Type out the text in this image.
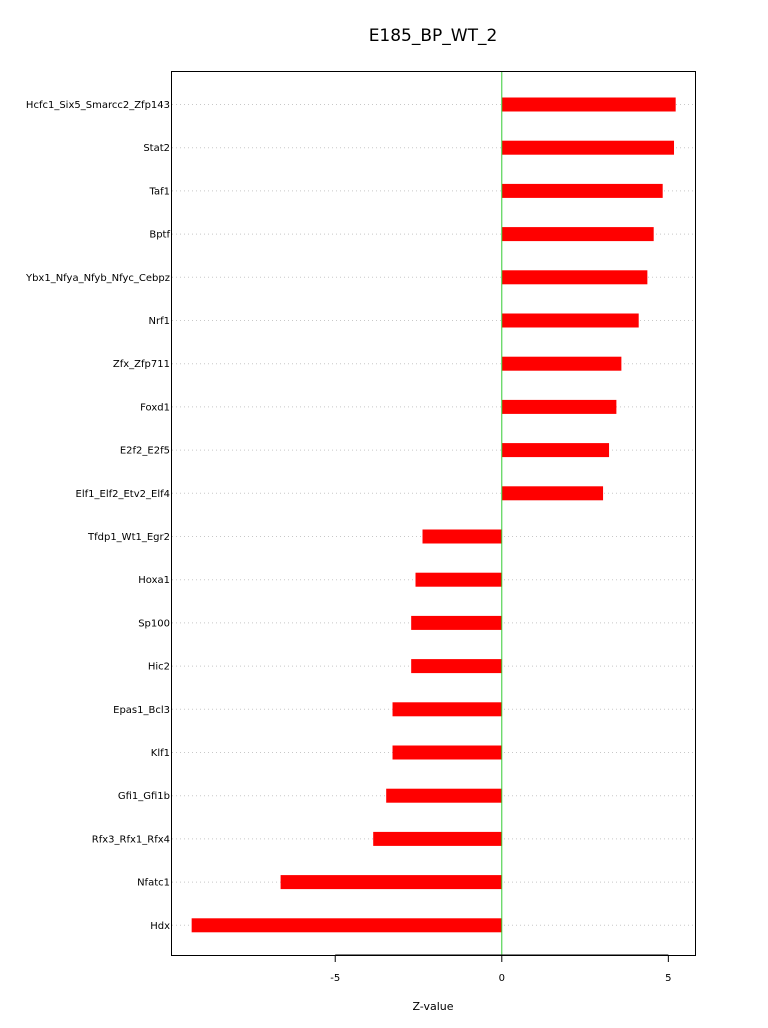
E185_BP_WT_2
Hcfc1_Six5_Smarcc2_Zfp143
Stat2
Taf1
Bptf
Ybx1_Nfya_Nfyb_Nfyc_Cebpz
Nrf1
Zfx_Zfp711
Foxd1
E2f2_E2f5
Elf1_Elf2_Etv2_Elf4
Tfdp1_Wt1_Egr2
Hoxa1
Sp100
Hic2
Epas1_Bcl3
Klf1
Gfi1_Gfi1b
Rfx3_Rfx1_Rfx4
Nfatc1
Hdx
-5	0	5
Z-value
